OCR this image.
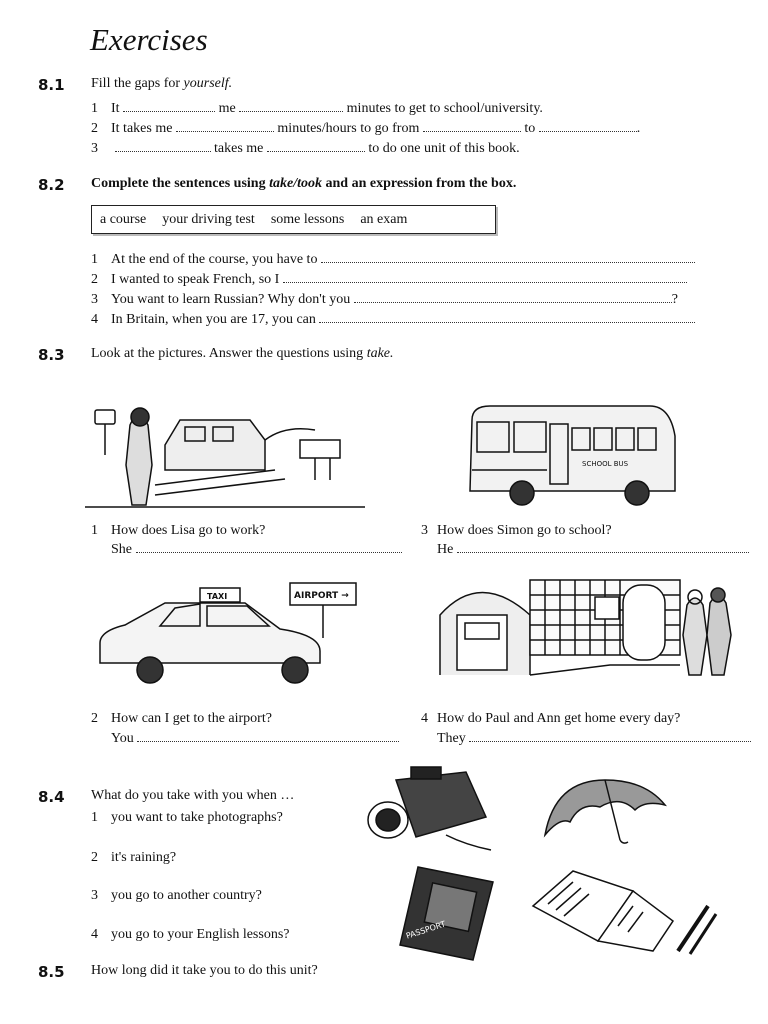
Exercises
8.1 Fill the gaps for yourself.
1 It	me	minutes to get to school/university.
2 It takes me	minutes/hours to go from	to	.
3	takes me	to do one unit of this book.
8.2 Complete the sentences using take/took and an expression from the box.
a course your driving test some lessons an exam
1 At the end of the course, you have to
2 I wanted to speak French, so I
3 You want to learn Russian? Why don't you	?
4 In Britain, when you are 17, you can
8.3 Look at the pictures. Answer the questions using take.
SCHOOL BUS
1 How does Lisa go to work?
She
3 How does Simon go to school?
He
TAXI	AIRPORT →
2 How can I get to the airport?
You
4 How do Paul and Ann get home every day?
They
8.4 What do you take with you when …
1 you want to take photographs?
2 it's raining?
3 you go to another country?
4 you go to your English lessons?	PASSPORT
8.5 How long did it take you to do this unit?
